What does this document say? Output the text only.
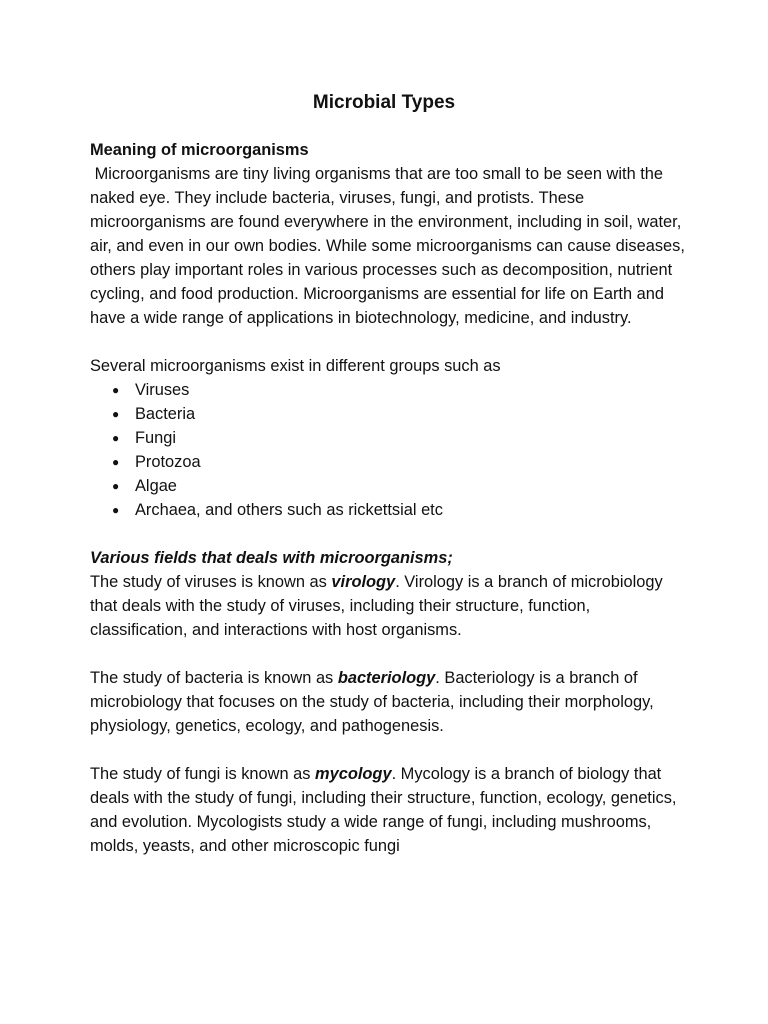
Microbial Types

Meaning of microorganisms

Microorganisms are tiny living organisms that are too small to be seen with the naked eye. They include bacteria, viruses, fungi, and protists. These microorganisms are found everywhere in the environment, including in soil, water, air, and even in our own bodies. While some microorganisms can cause diseases, others play important roles in various processes such as decomposition, nutrient cycling, and food production. Microorganisms are essential for life on Earth and have a wide range of applications in biotechnology, medicine, and industry.

Several microorganisms exist in different groups such as

● Viruses
● Bacteria
● Fungi
● Protozoa
● Algae
● Archaea, and others such as rickettsial etc

Various fields that deals with microorganisms;

The study of viruses is known as virology. Virology is a branch of microbiology that deals with the study of viruses, including their structure, function, classification, and interactions with host organisms.

The study of bacteria is known as bacteriology. Bacteriology is a branch of microbiology that focuses on the study of bacteria, including their morphology, physiology, genetics, ecology, and pathogenesis.

The study of fungi is known as mycology. Mycology is a branch of biology that deals with the study of fungi, including their structure, function, ecology, genetics, and evolution. Mycologists study a wide range of fungi, including mushrooms, molds, yeasts, and other microscopic fungi
